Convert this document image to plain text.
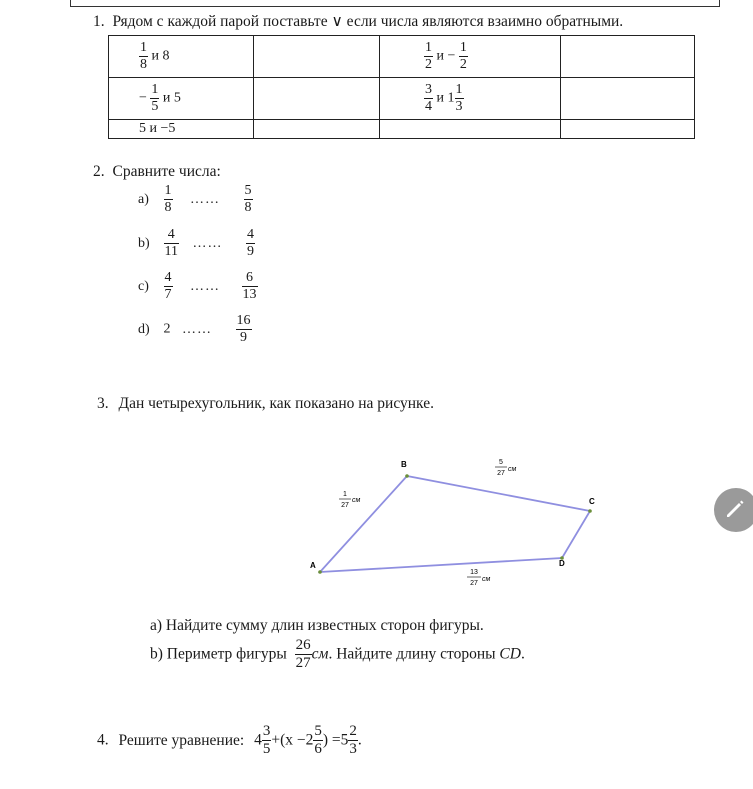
1. Рядом с каждой парой поставьте ∨ если числа являются взаимно обратными.
$\frac{1}{8}$ и 8		$\frac{1}{2}$ $и - \frac{1}{2}$

− $\frac{1}{5}$ и 5		$\frac{3}{4}$ и $1 \frac{1}{3}$

5 и −5			
2. Сравните числа:
$a) \frac{1}{8}$ …… $\frac{5}{8}$
$b) \frac{4}{11}$ …… $\frac{4}{9}$
$c) \frac{4}{7}$ …… $\frac{6}{13}$
d) 2 …… $\frac{16}{9}$
3. Дан четырехугольник, как показано на рисунке.
A
B
C
D
1
27
см
5
27
см
13
27
см
a) Найдите сумму длин известных сторон фигуры.
b) Периметр фигуры $\frac{26}{27}$ см. Найдите длину стороны CD.
4. Решите уравнение: $4 \frac{3}{5} +(x -2 \frac{5}{6}$ ) $=5 \frac{2}{3}$ .
